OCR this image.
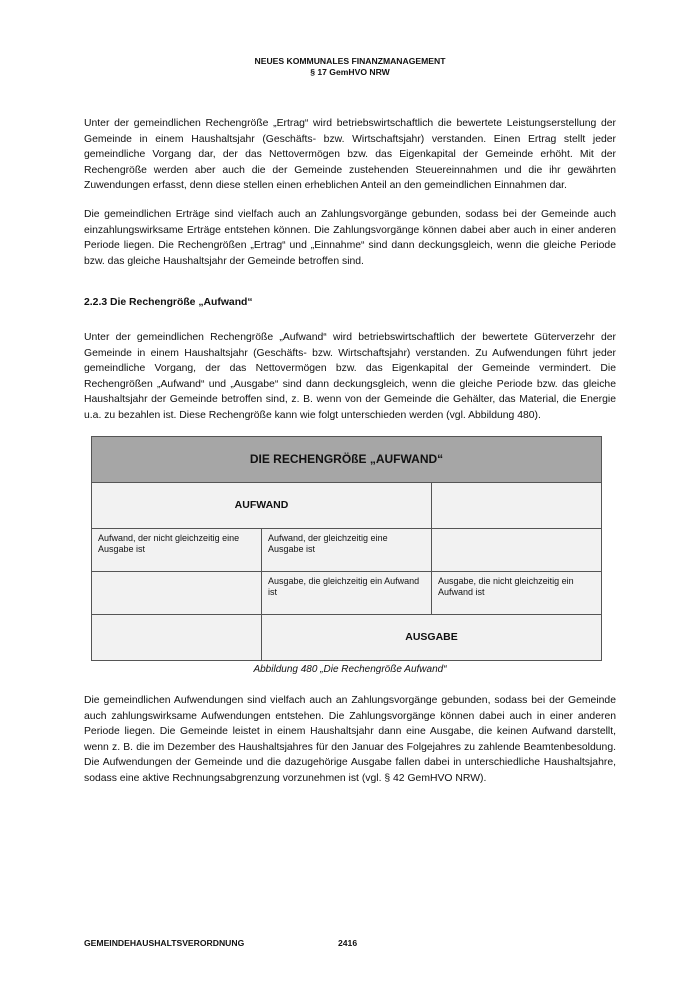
NEUES KOMMUNALES FINANZMANAGEMENT
§ 17 GemHVO NRW

Unter der gemeindlichen Rechengröße „Ertrag“ wird betriebswirtschaftlich die bewertete Leistungserstellung der Gemeinde in einem Haushaltsjahr (Geschäfts- bzw. Wirtschaftsjahr) verstanden. Einen Ertrag stellt jeder gemeindliche Vorgang dar, der das Nettovermögen bzw. das Eigenkapital der Gemeinde erhöht. Mit der Rechengröße werden aber auch die der Gemeinde zustehenden Steuereinnahmen und die ihr gewährten Zuwendungen erfasst, denn diese stellen einen erheblichen Anteil an den gemeindlichen Einnahmen dar.

Die gemeindlichen Erträge sind vielfach auch an Zahlungsvorgänge gebunden, sodass bei der Gemeinde auch einzahlungswirksame Erträge entstehen können. Die Zahlungsvorgänge können dabei aber auch in einer anderen Periode liegen. Die Rechengrößen „Ertrag“ und „Einnahme“ sind dann deckungsgleich, wenn die gleiche Periode bzw. das gleiche Haushaltsjahr der Gemeinde betroffen sind.

2.2.3 Die Rechengröße „Aufwand“

Unter der gemeindlichen Rechengröße „Aufwand“ wird betriebswirtschaftlich der bewertete Güterverzehr der Gemeinde in einem Haushaltsjahr (Geschäfts- bzw. Wirtschaftsjahr) verstanden. Zu Aufwendungen führt jeder gemeindliche Vorgang, der das Nettovermögen bzw. das Eigenkapital der Gemeinde vermindert. Die Rechengrößen „Aufwand“ und „Ausgabe“ sind dann deckungsgleich, wenn die gleiche Periode bzw. das gleiche Haushaltsjahr der Gemeinde betroffen sind, z. B. wenn von der Gemeinde die Gehälter, das Material, die Energie u.a. zu bezahlen ist. Diese Rechengröße kann wie folgt unterschieden werden (vgl. Abbildung 480).

DIE RECHENGRÖßE „AUFWAND“		
AUFWAND		
Aufwand, der nicht gleichzeitig eine Ausgabe ist	Aufwand, der gleichzeitig eine Ausgabe ist	
	Ausgabe, die gleichzeitig ein Aufwand ist	Ausgabe, die nicht gleichzeitig ein Aufwand ist
	AUSGABE	
Abbildung 480 „Die Rechengröße Aufwand“

Die gemeindlichen Aufwendungen sind vielfach auch an Zahlungsvorgänge gebunden, sodass bei der Gemeinde auch zahlungswirksame Aufwendungen entstehen. Die Zahlungsvorgänge können dabei auch in einer anderen Periode liegen. Die Gemeinde leistet in einem Haushaltsjahr dann eine Ausgabe, die keinen Aufwand darstellt, wenn z. B. die im Dezember des Haushaltsjahres für den Januar des Folgejahres zu zahlende Beamtenbesoldung. Die Aufwendungen der Gemeinde und die dazugehörige Ausgabe fallen dabei in unterschiedliche Haushaltsjahre, sodass eine aktive Rechnungsabgrenzung vorzunehmen ist (vgl. § 42 GemHVO NRW).

GEMEINDEHAUSHALTSVERORDNUNG	2416
